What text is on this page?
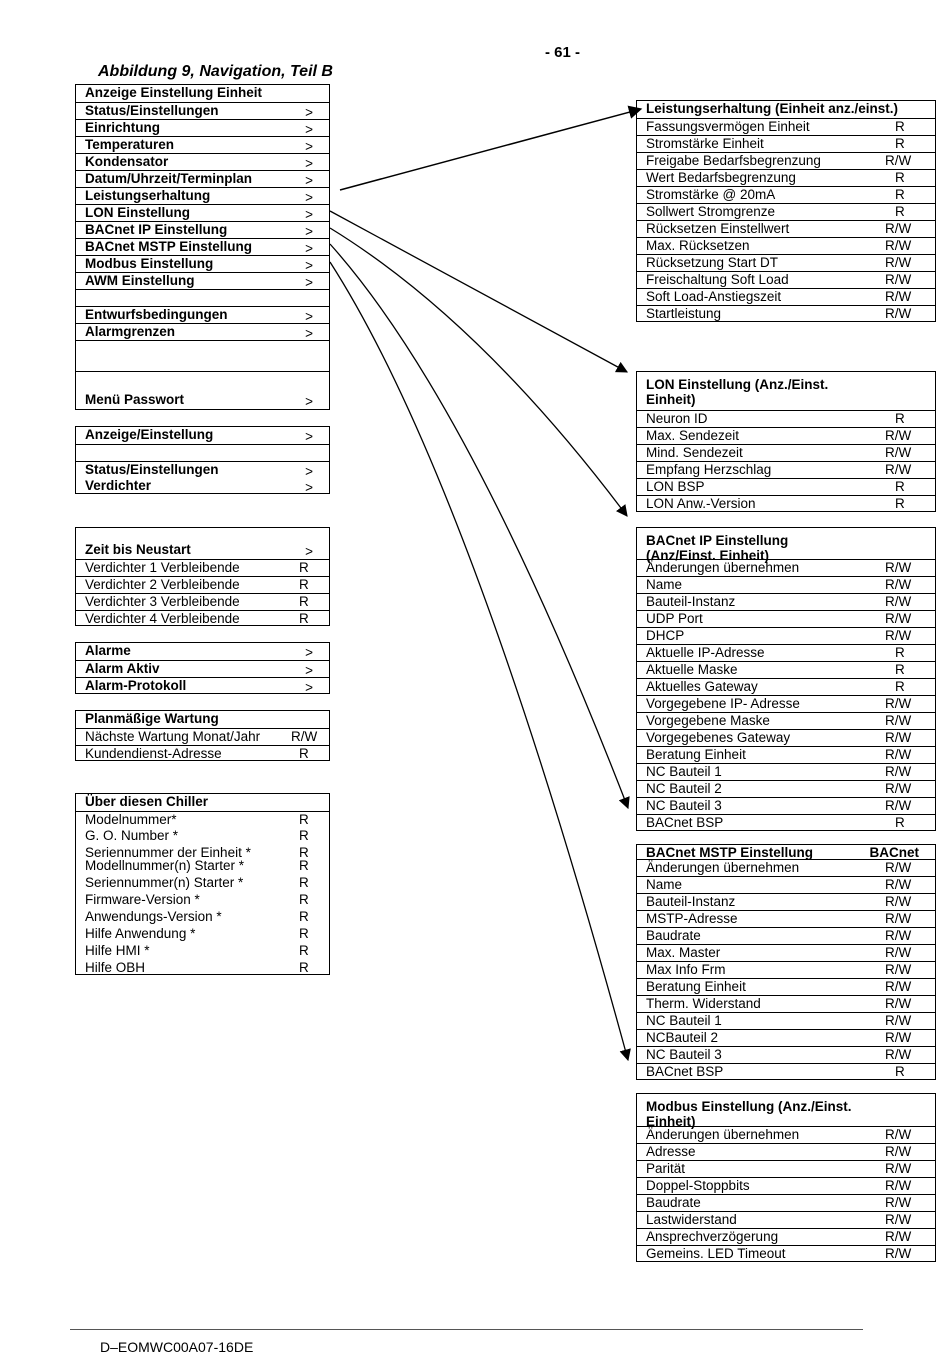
- 61 -
Abbildung 9, Navigation, Teil B
Anzeige Einstellung Einheit
Status/Einstellungen	>
Einrichtung	>
Temperaturen	>
Kondensator	>
Datum/Uhrzeit/Terminplan	>
Leistungserhaltung	>
LON Einstellung	>
BACnet IP Einstellung	>
BACnet MSTP Einstellung	>
Modbus Einstellung	>
AWM Einstellung	>
Entwurfsbedingungen	>
Alarmgrenzen	>
Menü Passwort	>
Anzeige/Einstellung	>
Status/Einstellungen	>
Verdichter	>
Zeit bis Neustart	>
Verdichter 1 Verbleibende	R
Verdichter 2 Verbleibende	R
Verdichter 3 Verbleibende	R
Verdichter 4 Verbleibende	R
Alarme	>
Alarm Aktiv	>
Alarm-Protokoll	>
Planmäßige Wartung
Nächste Wartung Monat/Jahr R/W
Kundendienst-Adresse	R
Über diesen Chiller
Modelnummer*	R
G. O. Number *	R
Seriennummer der Einheit *	R
Modellnummer(n) Starter *	R
Seriennummer(n) Starter *	R
Firmware-Version *	R
Anwendungs-Version *	R
Hilfe Anwendung *	R
Hilfe HMI *	R
Hilfe OBH	R
Leistungserhaltung (Einheit anz./einst.)
Fassungsvermögen Einheit	R
Stromstärke Einheit	R
Freigabe Bedarfsbegrenzung	R/W
Wert Bedarfsbegrenzung	R
Stromstärke @ 20mA	R
Sollwert Stromgrenze	R
Rücksetzen Einstellwert	R/W
Max. Rücksetzen	R/W
Rücksetzung Start DT	R/W
Freischaltung Soft Load	R/W
Soft Load-Anstiegszeit	R/W
Startleistung	R/W
LON Einstellung (Anz./Einst.
Einheit)
Neuron ID	R
Max. Sendezeit	R/W
Mind. Sendezeit	R/W
Empfang Herzschlag	R/W
LON BSP	R
LON Anw.-Version	R
BACnet IP Einstellung
(Anz/Einst. Einheit)
Änderungen übernehmen	R/W
Name	R/W
Bauteil-Instanz	R/W
UDP Port	R/W
DHCP	R/W
Aktuelle IP-Adresse	R
Aktuelle Maske	R
Aktuelles Gateway	R
Vorgegebene IP- Adresse	R/W
Vorgegebene Maske	R/W
Vorgegebenes Gateway	R/W
Beratung Einheit	R/W
NC Bauteil 1	R/W
NC Bauteil 2	R/W
NC Bauteil 3	R/W
BACnet BSP	R
BACnet MSTP Einstellung	BACnet
Änderungen übernehmen	R/W
Name	R/W
Bauteil-Instanz	R/W
MSTP-Adresse	R/W
Baudrate	R/W
Max. Master	R/W
Max Info Frm	R/W
Beratung Einheit	R/W
Therm. Widerstand	R/W
NC Bauteil 1	R/W
NCBauteil 2	R/W
NC Bauteil 3	R/W
BACnet BSP	R
Modbus Einstellung (Anz./Einst.
Einheit)
Änderungen übernehmen	R/W
Adresse	R/W
Parität	R/W
Doppel-Stoppbits	R/W
Baudrate	R/W
Lastwiderstand	R/W
Ansprechverzögerung	R/W
Gemeins. LED Timeout	R/W
D–EOMWC00A07-16DE
